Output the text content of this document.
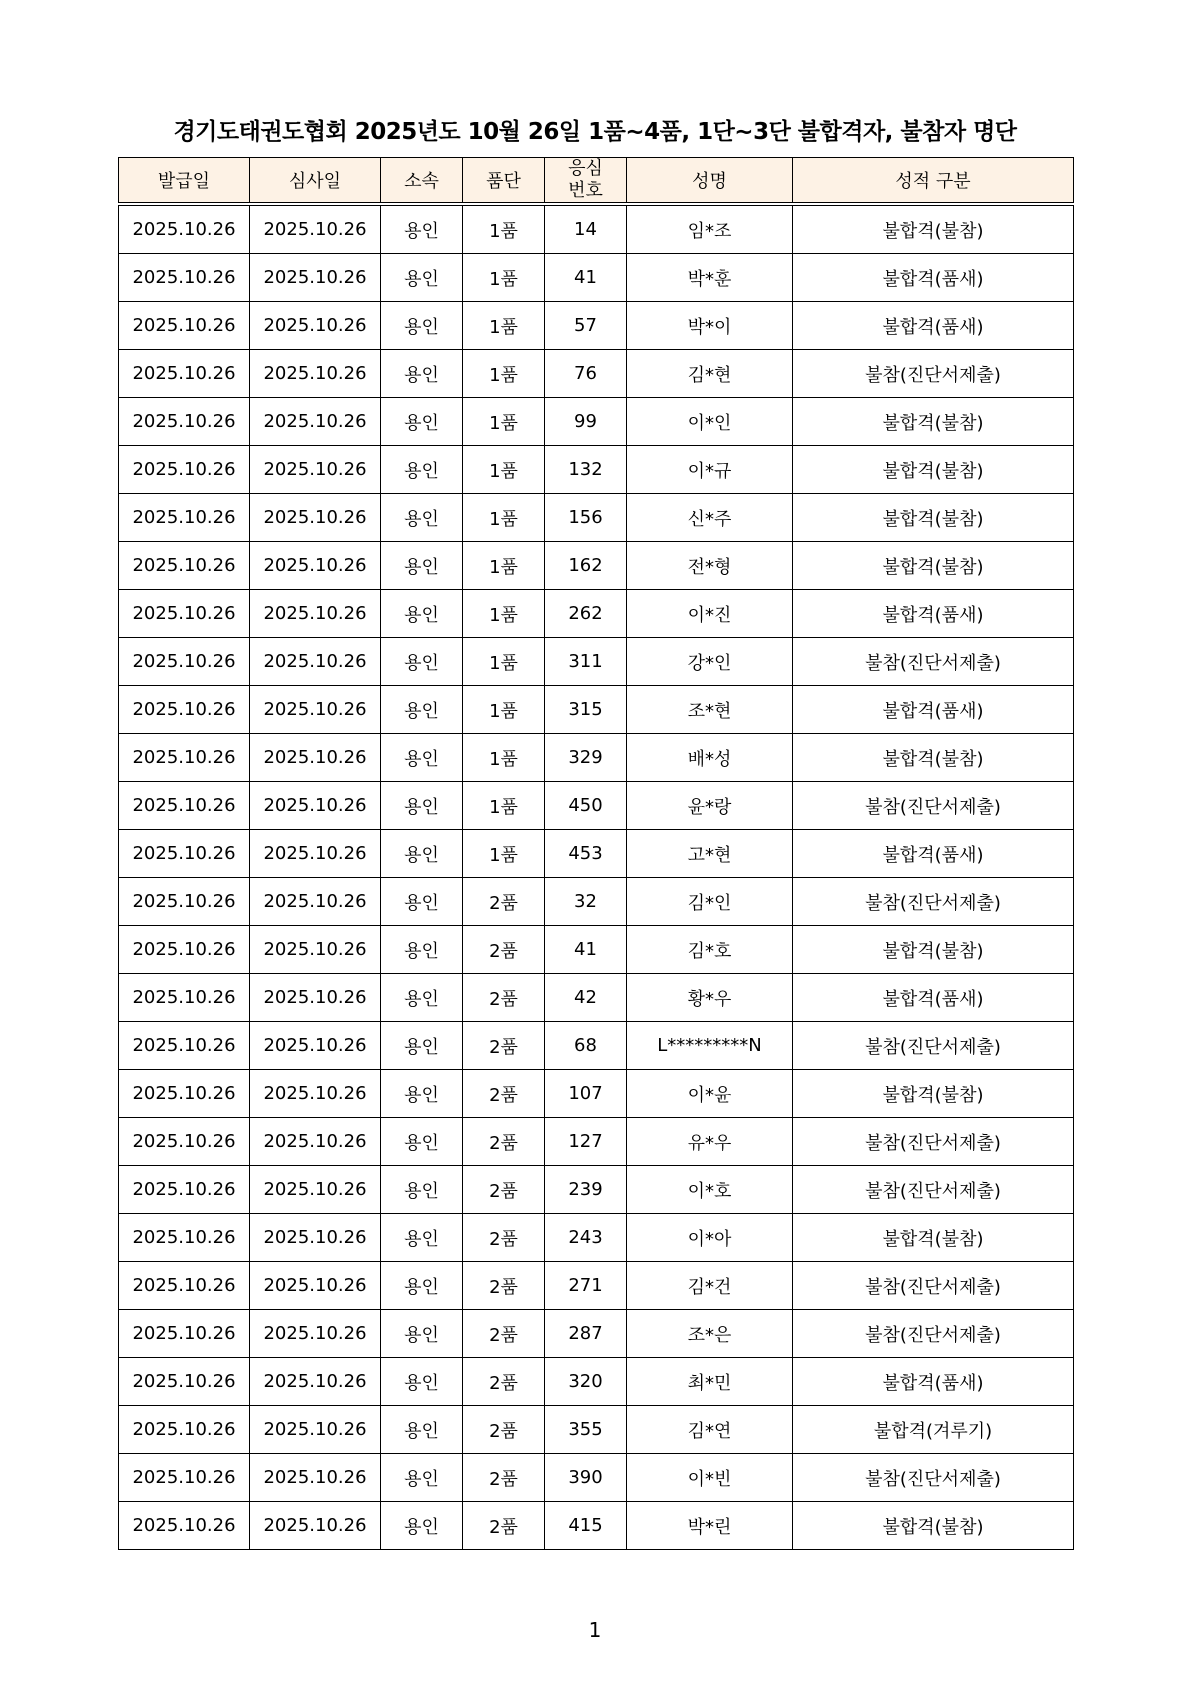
경기도태권도협회 2025년도 10월 26일 1품~4품, 1단~3단 불합격자, 불참자 명단
발급일	심사일	소속	품단	응심
번호	성명	성적 구분
2025.10.26	2025.10.26	용인	1품	14	임*조	불합격(불참)
2025.10.26	2025.10.26	용인	1품	41	박*훈	불합격(품새)
2025.10.26	2025.10.26	용인	1품	57	박*이	불합격(품새)
2025.10.26	2025.10.26	용인	1품	76	김*현	불참(진단서제출)
2025.10.26	2025.10.26	용인	1품	99	이*인	불합격(불참)
2025.10.26	2025.10.26	용인	1품	132	이*규	불합격(불참)
2025.10.26	2025.10.26	용인	1품	156	신*주	불합격(불참)
2025.10.26	2025.10.26	용인	1품	162	전*형	불합격(불참)
2025.10.26	2025.10.26	용인	1품	262	이*진	불합격(품새)
2025.10.26	2025.10.26	용인	1품	311	강*인	불참(진단서제출)
2025.10.26	2025.10.26	용인	1품	315	조*현	불합격(품새)
2025.10.26	2025.10.26	용인	1품	329	배*성	불합격(불참)
2025.10.26	2025.10.26	용인	1품	450	윤*랑	불참(진단서제출)
2025.10.26	2025.10.26	용인	1품	453	고*현	불합격(품새)
2025.10.26	2025.10.26	용인	2품	32	김*인	불참(진단서제출)
2025.10.26	2025.10.26	용인	2품	41	김*호	불합격(불참)
2025.10.26	2025.10.26	용인	2품	42	황*우	불합격(품새)
2025.10.26	2025.10.26	용인	2품	68	L*********N	불참(진단서제출)
2025.10.26	2025.10.26	용인	2품	107	이*윤	불합격(불참)
2025.10.26	2025.10.26	용인	2품	127	유*우	불참(진단서제출)
2025.10.26	2025.10.26	용인	2품	239	이*호	불참(진단서제출)
2025.10.26	2025.10.26	용인	2품	243	이*아	불합격(불참)
2025.10.26	2025.10.26	용인	2품	271	김*건	불참(진단서제출)
2025.10.26	2025.10.26	용인	2품	287	조*은	불참(진단서제출)
2025.10.26	2025.10.26	용인	2품	320	최*민	불합격(품새)
2025.10.26	2025.10.26	용인	2품	355	김*연	불합격(겨루기)
2025.10.26	2025.10.26	용인	2품	390	이*빈	불참(진단서제출)
2025.10.26	2025.10.26	용인	2품	415	박*린	불합격(불참)
1
